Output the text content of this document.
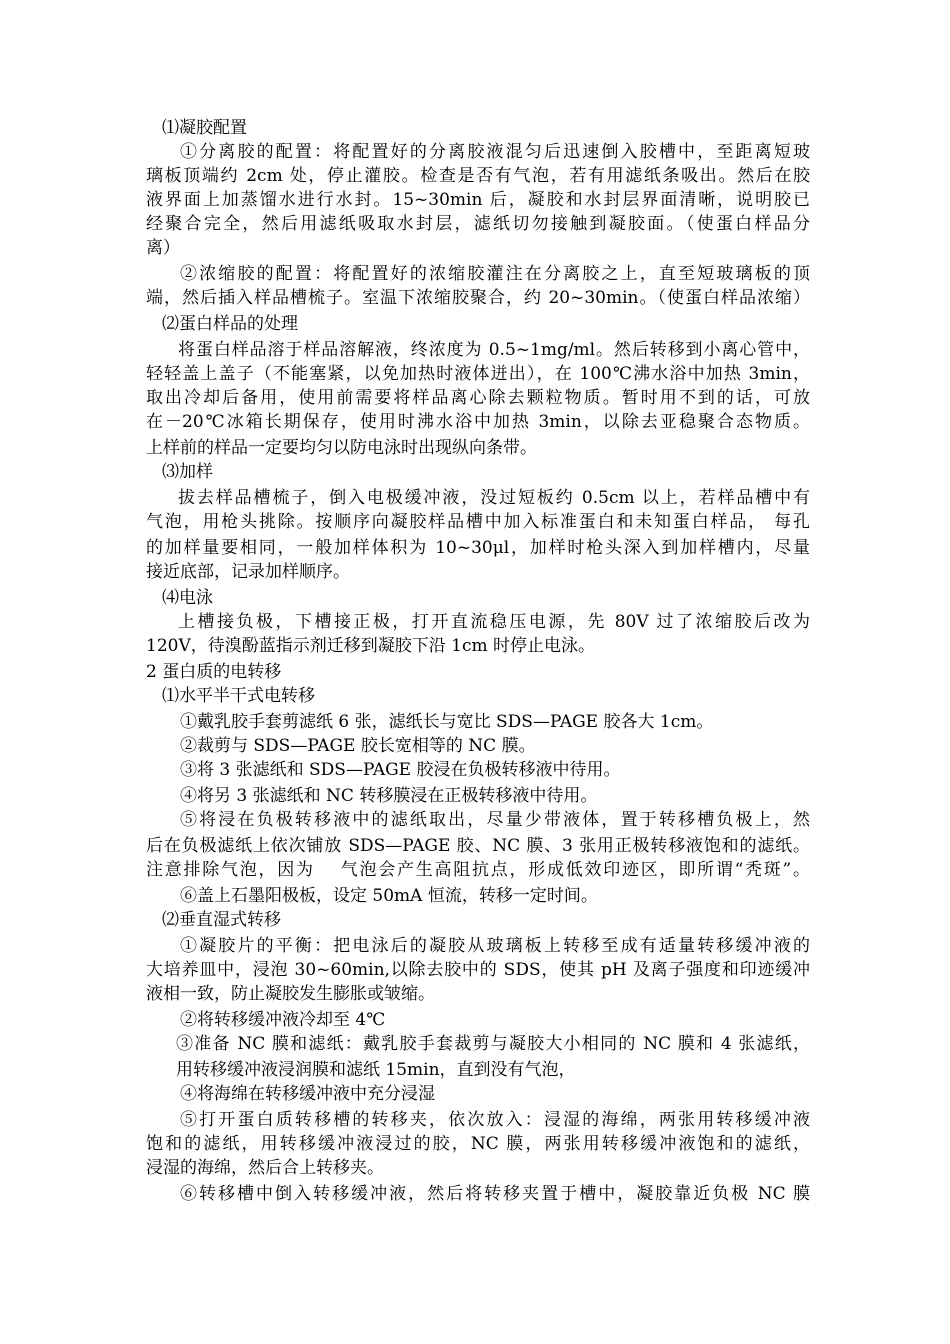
⑴凝胶配置
①分离胶的配置：将配置好的分离胶液混匀后迅速倒入胶槽中，至距离短玻
璃板顶端约 2cm 处，停止灌胶。检查是否有气泡，若有用滤纸条吸出。然后在胶
液界面上加蒸馏水进行水封。15~30min 后，凝胶和水封层界面清晰，说明胶已
经聚合完全，然后用滤纸吸取水封层，滤纸切勿接触到凝胶面。（使蛋白样品分
离）
②浓缩胶的配置：将配置好的浓缩胶灌注在分离胶之上，直至短玻璃板的顶
端，然后插入样品槽梳子。室温下浓缩胶聚合，约 20~30min。（使蛋白样品浓缩）
⑵蛋白样品的处理
将蛋白样品溶于样品溶解液，终浓度为 0.5~1mg/ml。然后转移到小离心管中，
轻轻盖上盖子（不能塞紧，以免加热时液体迸出），在 100℃沸水浴中加热 3min，
取出冷却后备用，使用前需要将样品离心除去颗粒物质。暂时用不到的话，可放
在－20℃冰箱长期保存，使用时沸水浴中加热 3min，以除去亚稳聚合态物质。
上样前的样品一定要均匀以防电泳时出现纵向条带。
⑶加样
拔去样品槽梳子，倒入电极缓冲液，没过短板约 0.5cm 以上，若样品槽中有
气泡，用枪头挑除。按顺序向凝胶样品槽中加入标准蛋白和未知蛋白样品， 每孔
的加样量要相同，一般加样体积为 10~30μl，加样时枪头深入到加样槽内，尽量
接近底部，记录加样顺序。
⑷电泳
上槽接负极，下槽接正极，打开直流稳压电源，先 80V 过了浓缩胶后改为
120V，待溴酚蓝指示剂迁移到凝胶下沿 1cm 时停止电泳。
2 蛋白质的电转移
⑴水平半干式电转移
①戴乳胶手套剪滤纸 6 张，滤纸长与宽比 SDS—PAGE 胶各大 1cm。
②裁剪与 SDS—PAGE 胶长宽相等的 NC 膜。
③将 3 张滤纸和 SDS—PAGE 胶浸在负极转移液中待用。
④将另 3 张滤纸和 NC 转移膜浸在正极转移液中待用。
⑤将浸在负极转移液中的滤纸取出，尽量少带液体，置于转移槽负极上，然
后在负极滤纸上依次铺放 SDS—PAGE 胶、NC 膜、3 张用正极转移液饱和的滤纸。
注意排除气泡，因为　 气泡会产生高阻抗点，形成低效印迹区，即所谓“秃斑”。
⑥盖上石墨阳极板，设定 50mA 恒流，转移一定时间。
⑵垂直湿式转移
①凝胶片的平衡：把电泳后的凝胶从玻璃板上转移至成有适量转移缓冲液的
大培养皿中，浸泡 30~60min,以除去胶中的 SDS，使其 pH 及离子强度和印迹缓冲
液相一致，防止凝胶发生膨胀或皱缩。
②将转移缓冲液冷却至 4℃
③准备 NC 膜和滤纸：戴乳胶手套裁剪与凝胶大小相同的 NC 膜和 4 张滤纸，
用转移缓冲液浸润膜和滤纸 15min，直到没有气泡，
④将海绵在转移缓冲液中充分浸湿
⑤打开蛋白质转移槽的转移夹，依次放入：浸湿的海绵，两张用转移缓冲液
饱和的滤纸，用转移缓冲液浸过的胶，NC 膜，两张用转移缓冲液饱和的滤纸，
浸湿的海绵，然后合上转移夹。
⑥转移槽中倒入转移缓冲液，然后将转移夹置于槽中，凝胶靠近负极 NC 膜
